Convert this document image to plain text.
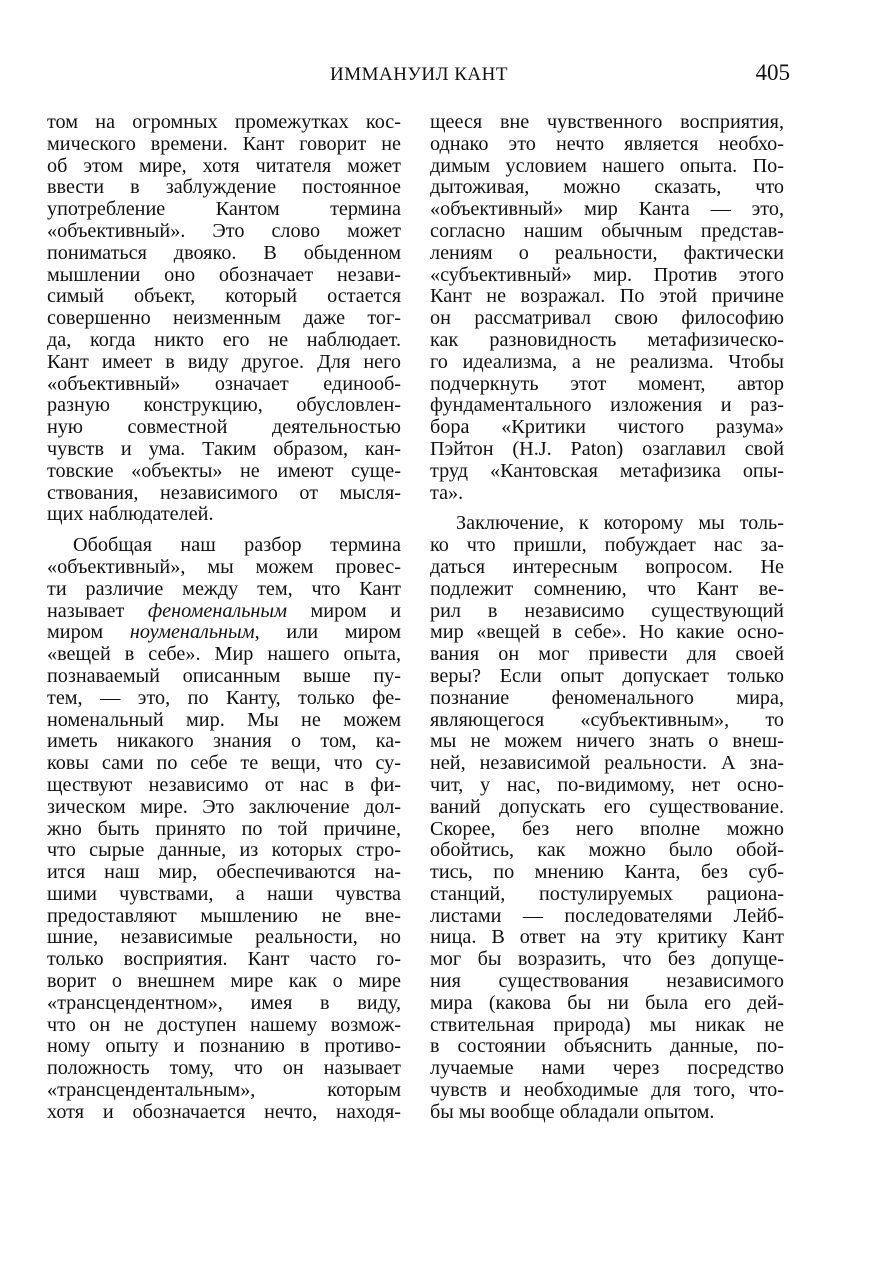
ИММАНУИЛ КАНТ	405

том на огромных промежутках кос-
мического времени. Кант говорит не
об этом мире, хотя читателя может
ввести в заблуждение постоянное
употребление Кантом термина
«объективный». Это слово может
пониматься двояко. В обыденном
мышлении оно обозначает незави-
симый объект, который остается
совершенно неизменным даже тог-
да, когда никто его не наблюдает.
Кант имеет в виду другое. Для него
«объективный» означает единооб-
разную конструкцию, обусловлен-
ную совместной деятельностью
чувств и ума. Таким образом, кан-
товские «объекты» не имеют суще-
ствования, независимого от мысля-
щих наблюдателей.

Обобщая наш разбор термина
«объективный», мы можем провес-
ти различие между тем, что Кант
называет феноменальным миром и
миром ноуменальным, или миром
«вещей в себе». Мир нашего опыта,
познаваемый описанным выше пу-
тем, — это, по Канту, только фе-
номенальный мир. Мы не можем
иметь никакого знания о том, ка-
ковы сами по себе те вещи, что су-
ществуют независимо от нас в фи-
зическом мире. Это заключение дол-
жно быть принято по той причине,
что сырые данные, из которых стро-
ится наш мир, обеспечиваются на-
шими чувствами, а наши чувства
предоставляют мышлению не вне-
шние, независимые реальности, но
только восприятия. Кант часто го-
ворит о внешнем мире как о мире
«трансцендентном», имея в виду,
что он не доступен нашему возмож-
ному опыту и познанию в противо-
положность тому, что он называет
«трансцендентальным», которым
хотя и обозначается нечто, находя-

щееся вне чувственного восприятия,
однако это нечто является необхо-
димым условием нашего опыта. По-
дытоживая, можно сказать, что
«объективный» мир Канта — это,
согласно нашим обычным представ-
лениям о реальности, фактически
«субъективный» мир. Против этого
Кант не возражал. По этой причине
он рассматривал свою философию
как разновидность метафизическо-
го идеализма, а не реализма. Чтобы
подчеркнуть этот момент, автор
фундаментального изложения и раз-
бора «Критики чистого разума»
Пэйтон (H.J. Paton) озаглавил свой
труд «Кантовская метафизика опы-
та».

Заключение, к которому мы толь-
ко что пришли, побуждает нас за-
даться интересным вопросом. Не
подлежит сомнению, что Кант ве-
рил в независимо существующий
мир «вещей в себе». Но какие осно-
вания он мог привести для своей
веры? Если опыт допускает только
познание феноменального мира,
являющегося «субъективным», то
мы не можем ничего знать о внеш-
ней, независимой реальности. А зна-
чит, у нас, по-видимому, нет осно-
ваний допускать его существование.
Скорее, без него вполне можно
обойтись, как можно было обой-
тись, по мнению Канта, без суб-
станций, постулируемых рациона-
листами — последователями Лейб-
ница. В ответ на эту критику Кант
мог бы возразить, что без допуще-
ния существования независимого
мира (какова бы ни была его дей-
ствительная природа) мы никак не
в состоянии объяснить данные, по-
лучаемые нами через посредство
чувств и необходимые для того, что-
бы мы вообще обладали опытом.
